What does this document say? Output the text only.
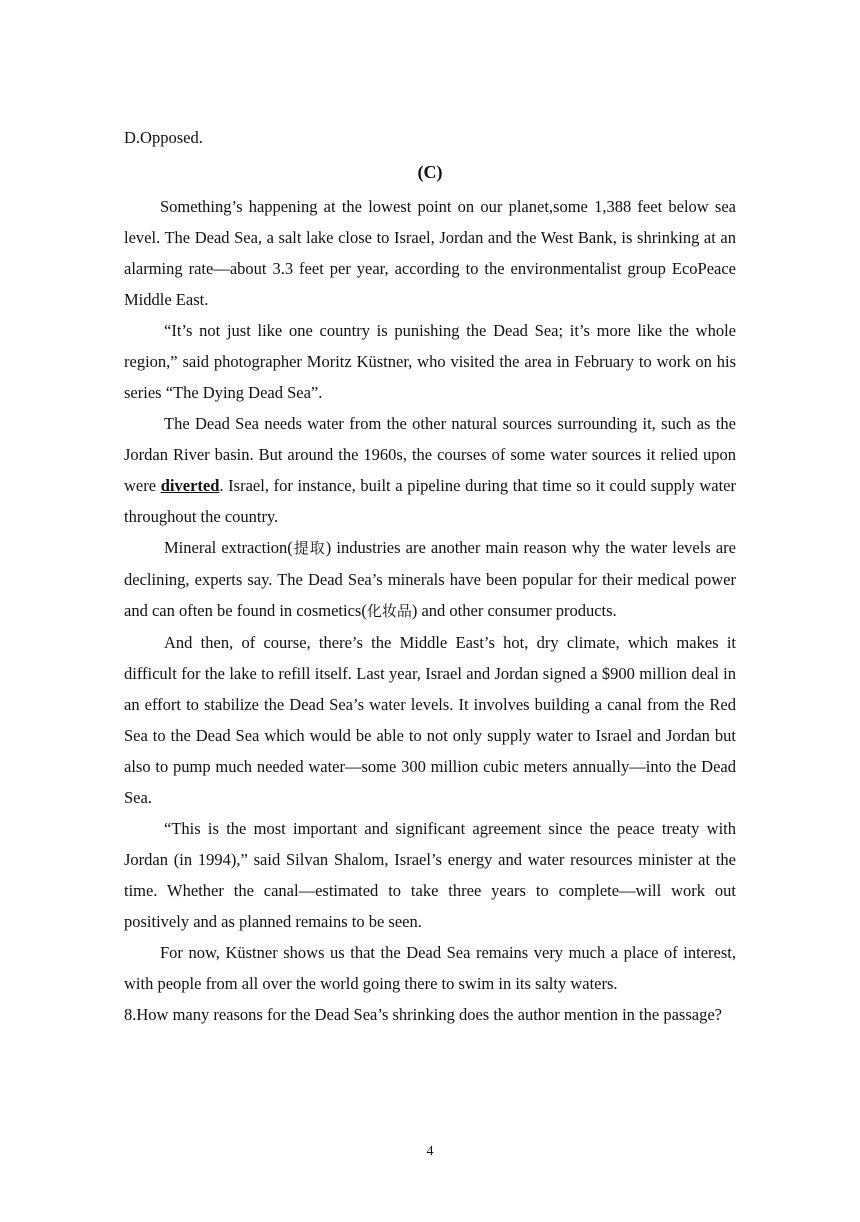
D.Opposed.
(C)
Something’s happening at the lowest point on our planet,some 1,388 feet below sea level. The Dead Sea, a salt lake close to Israel, Jordan and the West Bank, is shrinking at an alarming rate—about 3.3 feet per year, according to the environmentalist group EcoPeace Middle East.
“It’s not just like one country is punishing the Dead Sea; it’s more like the whole region,” said photographer Moritz Küstner, who visited the area in February to work on his series “The Dying Dead Sea”.
The Dead Sea needs water from the other natural sources surrounding it, such as the Jordan River basin. But around the 1960s, the courses of some water sources it relied upon were diverted. Israel, for instance, built a pipeline during that time so it could supply water throughout the country.
Mineral extraction(提取) industries are another main reason why the water levels are declining, experts say. The Dead Sea’s minerals have been popular for their medical power and can often be found in cosmetics(化妆品) and other consumer products.
And then, of course, there’s the Middle East’s hot, dry climate, which makes it difficult for the lake to refill itself. Last year, Israel and Jordan signed a $900 million deal in an effort to stabilize the Dead Sea’s water levels. It involves building a canal from the Red Sea to the Dead Sea which would be able to not only supply water to Israel and Jordan but also to pump much needed water—some 300 million cubic meters annually—into the Dead Sea.
“This is the most important and significant agreement since the peace treaty with Jordan (in 1994),” said Silvan Shalom, Israel’s energy and water resources minister at the time. Whether the canal—estimated to take three years to complete—will work out positively and as planned remains to be seen.
For now, Küstner shows us that the Dead Sea remains very much a place of interest, with people from all over the world going there to swim in its salty waters.
8.How many reasons for the Dead Sea’s shrinking does the author mention in the passage?
4
